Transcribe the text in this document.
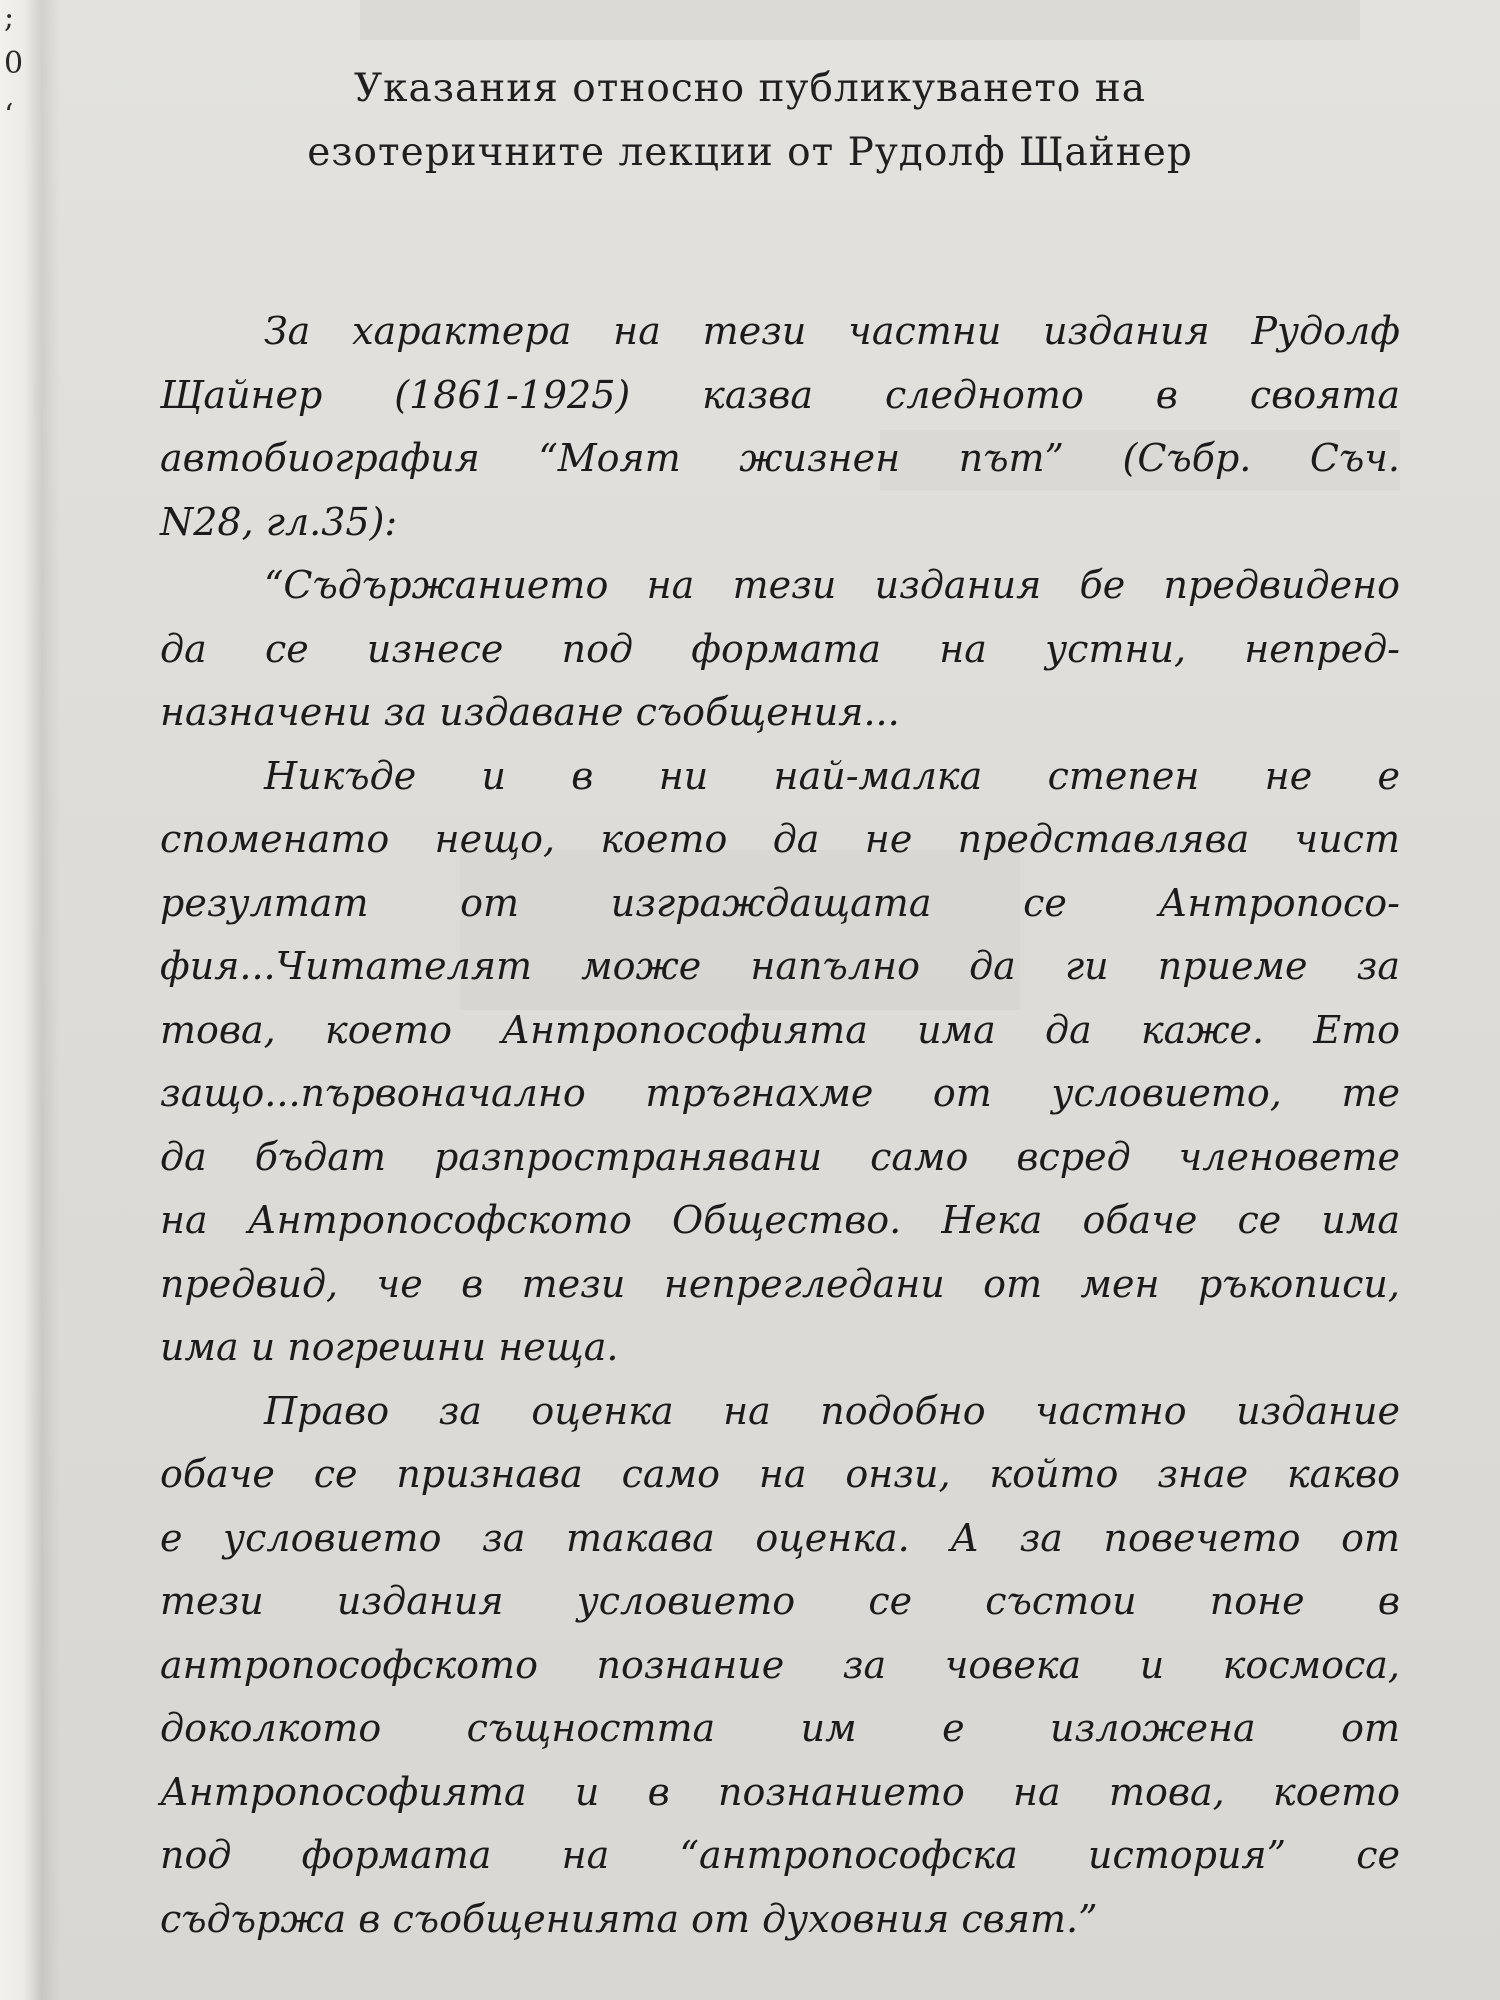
;
0
ʻ
Указания относно публикуването на
езотеричните лекции от Рудолф Щайнер
За характера на тези частни издания Рудолф
Щайнер (1861-1925) казва следното в своята
автобиография “Моят жизнен път” (Събр. Съч.
N28, гл.35):
“Съдържанието на тези издания бе предвидено
да се изнесе под формата на устни, непред-
назначени за издаване съобщения...
Никъде и в ни най-малка степен не е
споменато нещо, което да не представлява чист
резултат от изграждащата се Антропосо-
фия...Читателят може напълно да ги приеме за
това, което Антропософията има да каже. Ето
защо...първоначално тръгнахме от условието, те
да бъдат разпространявани само всред членовете
на Антропософското Общество. Нека обаче се има
предвид, че в тези непрегледани от мен ръкописи,
има и погрешни неща.
Право за оценка на подобно частно издание
обаче се признава само на онзи, който знае какво
е условието за такава оценка. А за повечето от
тези издания условието се състои поне в
антропософското познание за човека и космоса,
доколкото същността им е изложена от
Антропософията и в познанието на това, което
под формата на “антропософска история” се
съдържа в съобщенията от духовния свят.”
